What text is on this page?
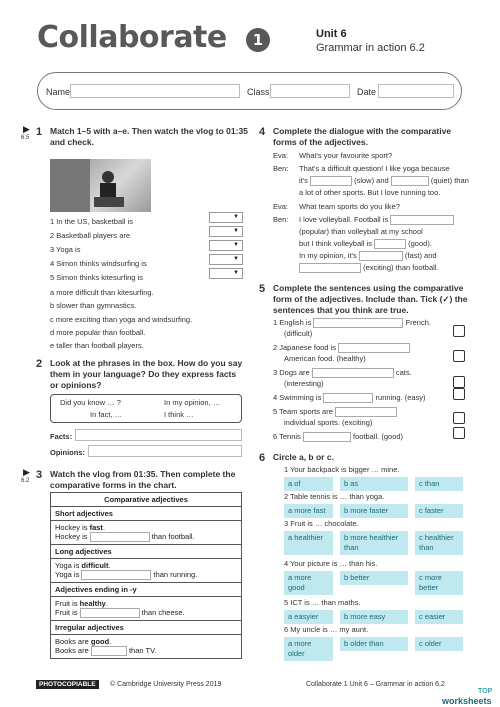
Collaborate	1	Unit 6
Grammar in action 6.2
Name	Class	Date
▶
6.5 1 Match 1–5 with a–e. Then watch the vlog to 01:35
and check.
1 In the US, basketball is	▼
2 Basketball players are	▼
3 Yoga is	▼
4 Simon thinks windsurfing is	▼
5 Simon thinks kitesurfing is	▼
a more difficult than kitesurfing.
b slower than gymnastics.
c more exciting than yoga and windsurfing.
d more popular than football.
e taller than football players.
2 Look at the phrases in the box. How do you say
them in your language? Do they express facts
or opinions?
Did you know … ?	In my opinion, …
In fact, …	I think …
Facts:
Opinions:
▶
6.2 3 Watch the vlog from 01:35. Then complete the
comparative forms in the chart.
Comparative adjectives
Short adjectives
Hockey is fast.
Hockey is	than football.
Long adjectives
Yoga is difficult.
Yoga is	than running.
Adjectives ending in -y
Fruit is healthy.
Fruit is	than cheese.
Irregular adjectives
Books are good.
Books are	than TV.
4 Complete the dialogue with the comparative
forms of the adjectives.
Eva: What's your favourite sport?
Ben: That's a difficult question! I like yoga because
it's	(slow) and	(quiet) than
a lot of other sports. But I love running too.
Eva: What team sports do you like?
Ben: I love volleyball. Football is
(popular) than volleyball at my school
but I think volleyball is	(good).
In my opinion, it's	(fast) and
(exciting) than football.
5 Complete the sentences using the comparative
form of the adjectives. Include than. Tick (✓) the
sentences that you think are true.
1 English is	French.
(difficult)
2 Japanese food is
American food. (healthy)
3 Dogs are	cats.
(interesting)
4 Swimming is	running. (easy)
5 Team sports are
individual sports. (exciting)
6 Tennis	football. (good)
6 Circle a, b or c.
1 Your backpack is bigger … mine.
a of	b as	c than
2 Table tennis is … than yoga.
a more fast	b more faster	c faster
3 Fruit is … chocolate.
a healthier	b more healthier than
c healthier than
4 Your picture is … than his.
a more good
b better	c more better
5 ICT is … than maths.
a easyier	b more easy	c easier
6 My uncle is … my aunt.
a more older
b older than	c older
PHOTOCOPIABLE	© Cambridge University Press 2019	Collaborate 1 Unit 6 – Grammar in action 6.2
TOP
worksheets
